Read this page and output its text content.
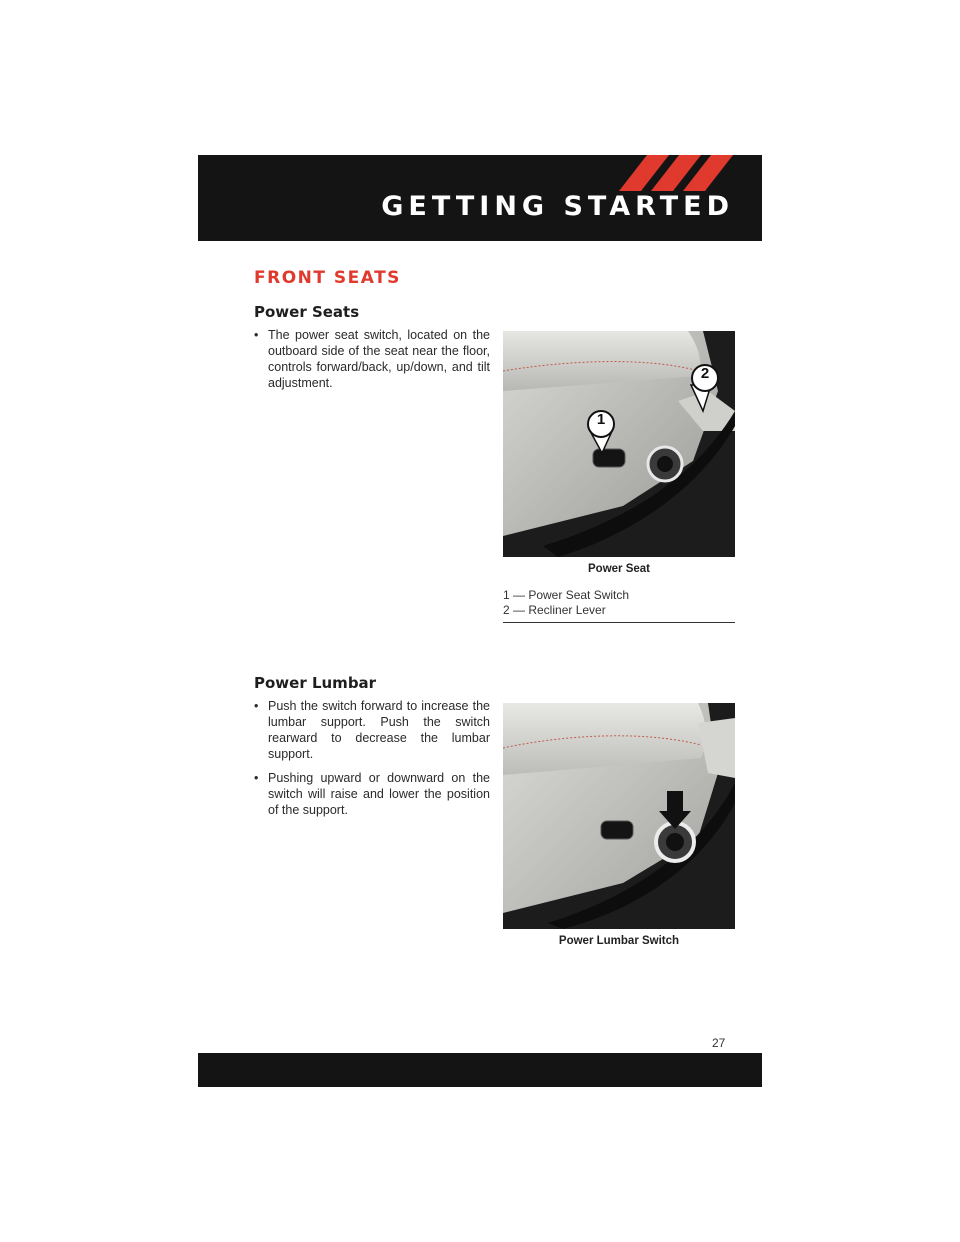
GETTING STARTED
FRONT SEATS
Power Seats
• The power seat switch, located on the outboard side of the seat near the floor, controls forward/back, up/down, and tilt adjustment.
2
1
Power Seat
1 — Power Seat Switch
2 — Recliner Lever
Power Lumbar
• Push the switch forward to increase the lumbar support. Push the switch rearward to decrease the lumbar support.
• Pushing upward or downward on the switch will raise and lower the position of the support.
Power Lumbar Switch
27
